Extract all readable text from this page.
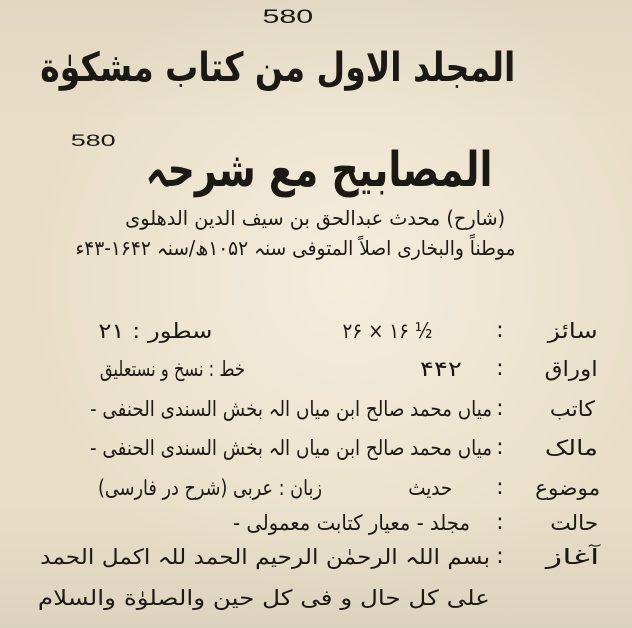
580
580
المجلد الاول من کتاب مشکوٰة
المصابیح مع شرحہ
(شارح) محدث عبدالحق بن سیف الدین الدھلوی
موطناً والبخاری اصلاً المتوفی سنہ ۱۰۵۲ھ/سنہ ۱۶۴۲-۴۳ء
سائز
:
۲۶ × ۱۶ ½
سطور : ۲۱
اوراق
:
۴۴۲
خط : نسخ و نستعلیق
کاتب
:
میاں محمد صالح ابن میاں الہ بخش السندی الحنفی -
مالک
:
میاں محمد صالح ابن میاں الہ بخش السندی الحنفی -
موضوع
:
حدیث
زبان : عربی (شرح در فارسی)
حالت
:
مجلد - معیار کتابت معمولی -
آغاز
:
بسم اللہ الرحمٰن الرحیم الحمد للہ اکمل الحمد
علی کل حال و فی کل حین والصلوٰة والسلام
